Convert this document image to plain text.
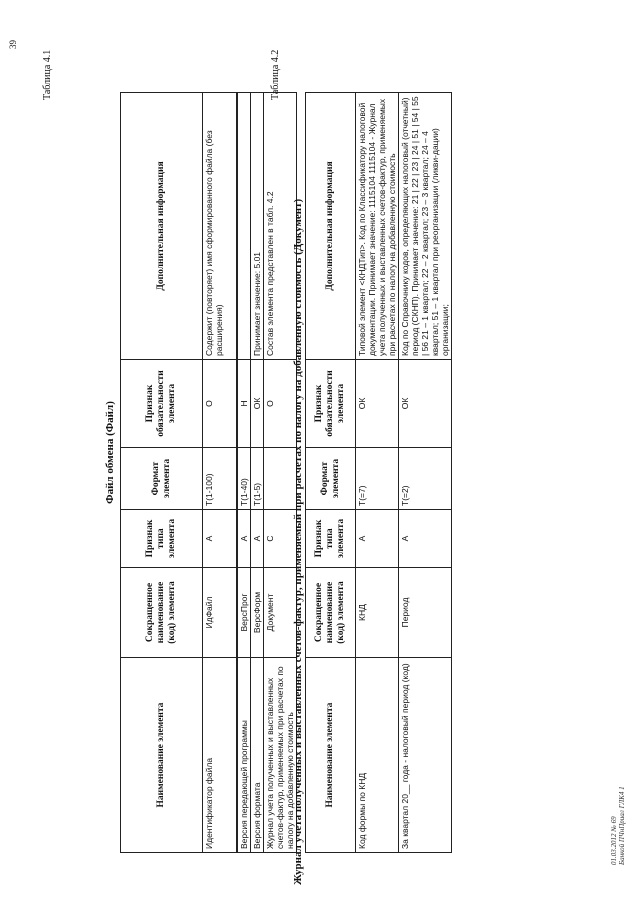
39
Таблица 4.1
Файл обмена (Файл)
Наименование элемента	Сокращенное наименование (код) элемента	Признак типа элемента	Формат элемента	Признак обязательности элемента	Дополнительная информация
Идентификатор файла	ИдФайл	А	T(1-100)	О	Содержит (повторяет) имя сформированного файла (без расширения)
Версия передающей программы	ВерсПрог	А	T(1-40)	Н	
Версия формата	ВерсФорм	А	T(1-5)	ОК	Принимает значение: 5.01
Журнал учета полученных и выставленных счетов-фактур, применяемых при расчетах по налогу на добавленную стоимость	Документ	С		О	Состав элемента представлен в табл. 4.2
Таблица 4.2
Журнал учета полученных и выставленных счетов-фактур, применяемый при расчетах по налогу на добавленную стоимость (Документ) Наименование элемента	Сокращенное наименование (код) элемента	Признак типа элемента	Формат элемента	Признак обязательности элемента	Дополнительная информация
Код формы по КНД	КНД	А	T(=7)	ОК	Типовой элемент <КНДТип>. Код по Классификатору налоговой документации. Принимает значение: 1115104 1115104 - Журнал учета полученных и выставленных счетов-фактур, применяемых при расчетах по налогу на добавленную стоимость
За квартал 20__ года - налоговый период (код)	Период	А	T(=2)	ОК	Код по Справочнику кодов, определяющих налоговый (отчетный) период (СКНП). Принимает значение: 21 | 22 | 23 | 24 | 51 | 54 | 55 | 56 21 – 1 квартал; 22 – 2 квартал; 23 – 3 квартал; 24 – 4 квартал; 51 – 1 квартал при реорганизации (ликви-дации) организации;
01.03.2012 № 69 Банкой ПЧнПриал ГЛК4 1
